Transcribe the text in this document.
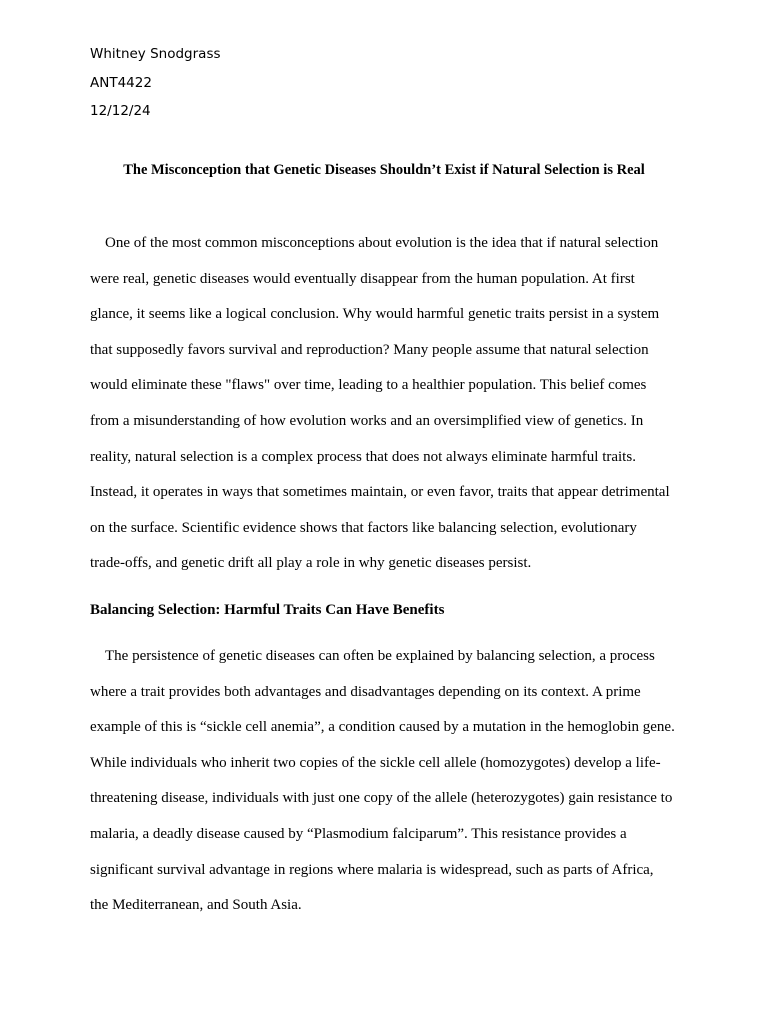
Whitney Snodgrass
ANT4422
12/12/24
The Misconception that Genetic Diseases Shouldn’t Exist if Natural Selection is Real
One of the most common misconceptions about evolution is the idea that if natural selection
were real, genetic diseases would eventually disappear from the human population. At first
glance, it seems like a logical conclusion. Why would harmful genetic traits persist in a system
that supposedly favors survival and reproduction? Many people assume that natural selection
would eliminate these "flaws" over time, leading to a healthier population. This belief comes
from a misunderstanding of how evolution works and an oversimplified view of genetics. In
reality, natural selection is a complex process that does not always eliminate harmful traits.
Instead, it operates in ways that sometimes maintain, or even favor, traits that appear detrimental
on the surface. Scientific evidence shows that factors like balancing selection, evolutionary
trade-offs, and genetic drift all play a role in why genetic diseases persist.
Balancing Selection: Harmful Traits Can Have Benefits
The persistence of genetic diseases can often be explained by balancing selection, a process
where a trait provides both advantages and disadvantages depending on its context. A prime
example of this is “sickle cell anemia”, a condition caused by a mutation in the hemoglobin gene.
While individuals who inherit two copies of the sickle cell allele (homozygotes) develop a life-
threatening disease, individuals with just one copy of the allele (heterozygotes) gain resistance to
malaria, a deadly disease caused by “Plasmodium falciparum”. This resistance provides a
significant survival advantage in regions where malaria is widespread, such as parts of Africa,
the Mediterranean, and South Asia.
